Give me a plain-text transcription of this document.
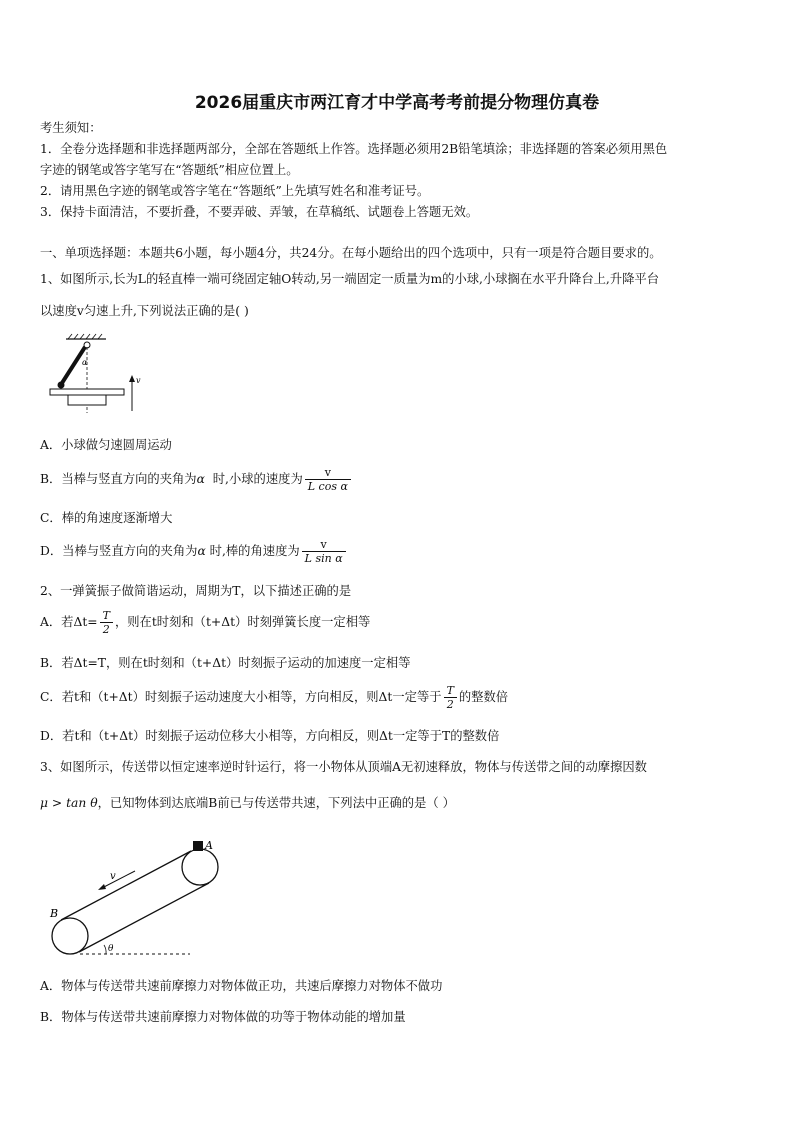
2026届重庆市两江育才中学高考考前提分物理仿真卷
考生须知：
1．全卷分选择题和非选择题两部分，全部在答题纸上作答。选择题必须用2B铅笔填涂；非选择题的答案必须用黑色
字迹的钢笔或答字笔写在“答题纸”相应位置上。
2．请用黑色字迹的钢笔或答字笔在“答题纸”上先填写姓名和准考证号。
3．保持卡面清洁，不要折叠，不要弄破、弄皱，在草稿纸、试题卷上答题无效。
一、单项选择题：本题共6小题，每小题4分，共24分。在每小题给出的四个选项中，只有一项是符合题目要求的。
1、如图所示,长为L的轻直棒一端可绕固定轴O转动,另一端固定一质量为m的小球,小球搁在水平升降台上,升降平台
以速度v匀速上升,下列说法正确的是( )
α
v
A．小球做匀速圆周运动
B．当棒与竖直方向的夹角为α 时,小球的速度为 $\frac{v}{\text{L cos α}}$
C．棒的角速度逐渐增大
D．当棒与竖直方向的夹角为α 时,棒的角速度为 $\frac{v}{\text{L sin α}}$
2、一弹簧振子做简谐运动，周期为T，以下描述正确的是
A．若$\Delta t= \frac{T}{2}$ ，则在t时刻和（t+Δt）时刻弹簧长度一定相等
B．若Δt=T，则在t时刻和（t+Δt）时刻振子运动的加速度一定相等
C．若t和（t+Δt）时刻振子运动速度大小相等，方向相反，则Δt一定等于 $\frac{T}{2}$ 的整数倍
D．若t和（t+Δt）时刻振子运动位移大小相等，方向相反，则Δt一定等于T的整数倍
3、如图所示，传送带以恒定速率逆时针运行，将一小物体从顶端A无初速释放，物体与传送带之间的动摩擦因数
μ > tan θ，已知物体到达底端B前已与传送带共速，下列法中正确的是（ ）
A
B
v
θ
A．物体与传送带共速前摩擦力对物体做正功，共速后摩擦力对物体不做功
B．物体与传送带共速前摩擦力对物体做的功等于物体动能的增加量
